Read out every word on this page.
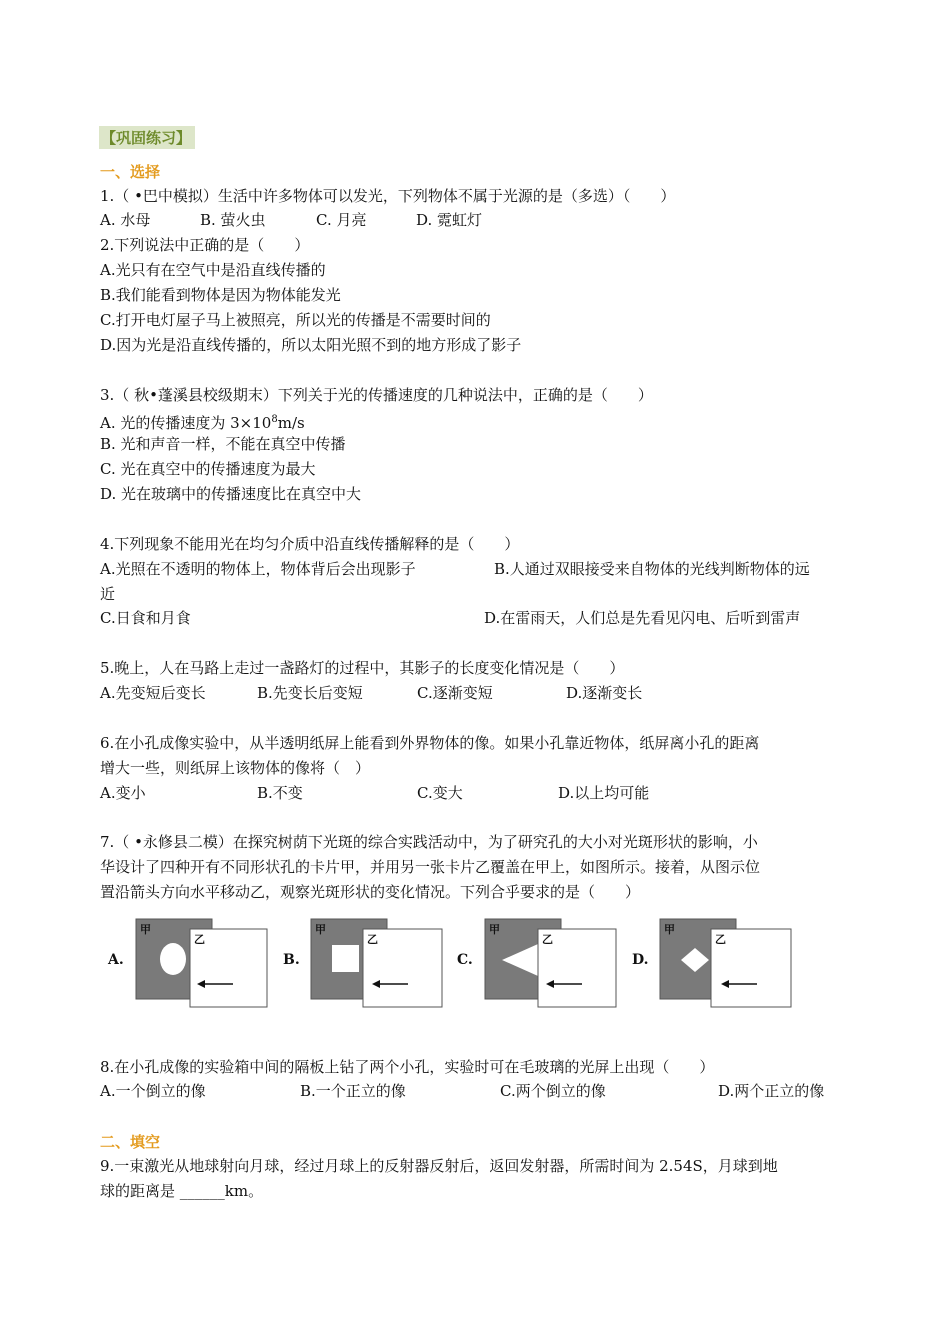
【巩固练习】
一、选择
1.（ •巴中模拟）生活中许多物体可以发光，下列物体不属于光源的是（多选）（　　）
A. 水母	B. 萤火虫	C. 月亮	D. 霓虹灯
2.下列说法中正确的是（　　）
A.光只有在空气中是沿直线传播的
B.我们能看到物体是因为物体能发光
C.打开电灯屋子马上被照亮，所以光的传播是不需要时间的
D.因为光是沿直线传播的，所以太阳光照不到的地方形成了影子
3.（ 秋•蓬溪县校级期末）下列关于光的传播速度的几种说法中，正确的是（　　）
A. 光的传播速度为 $3\times 10^8m/s$
B. 光和声音一样，不能在真空中传播
C. 光在真空中的传播速度为最大
D. 光在玻璃中的传播速度比在真空中大
4.下列现象不能用光在均匀介质中沿直线传播解释的是（　　）
A.光照在不透明的物体上，物体背后会出现影子	B.人通过双眼接受来自物体的光线判断物体的远
近
C.日食和月食	D.在雷雨天，人们总是先看见闪电、后听到雷声
5.晚上，人在马路上走过一盏路灯的过程中，其影子的长度变化情况是（　　）
A.先变短后变长	B.先变长后变短	C.逐渐变短	D.逐渐变长
6.在小孔成像实验中，从半透明纸屏上能看到外界物体的像。如果小孔靠近物体，纸屏离小孔的距离
增大一些，则纸屏上该物体的像将（　）
A.变小	B.不变	C.变大	D.以上均可能
7.（ •永修县二模）在探究树荫下光斑的综合实践活动中，为了研究孔的大小对光斑形状的影响，小
华设计了四种开有不同形状孔的卡片甲，并用另一张卡片乙覆盖在甲上，如图所示。接着，从图示位
置沿箭头方向水平移动乙，观察光斑形状的变化情况。下列合乎要求的是（　　）
A.
甲
乙
B.
甲
乙
C.
甲
乙
D.
甲
乙
8.在小孔成像的实验箱中间的隔板上钻了两个小孔，实验时可在毛玻璃的光屏上出现（　　）
A.一个倒立的像	B.一个正立的像	C.两个倒立的像	D.两个正立的像
二、填空
9.一束激光从地球射向月球，经过月球上的反射器反射后，返回发射器，所需时间为 2.54S，月球到地
球的距离是 ______km。
